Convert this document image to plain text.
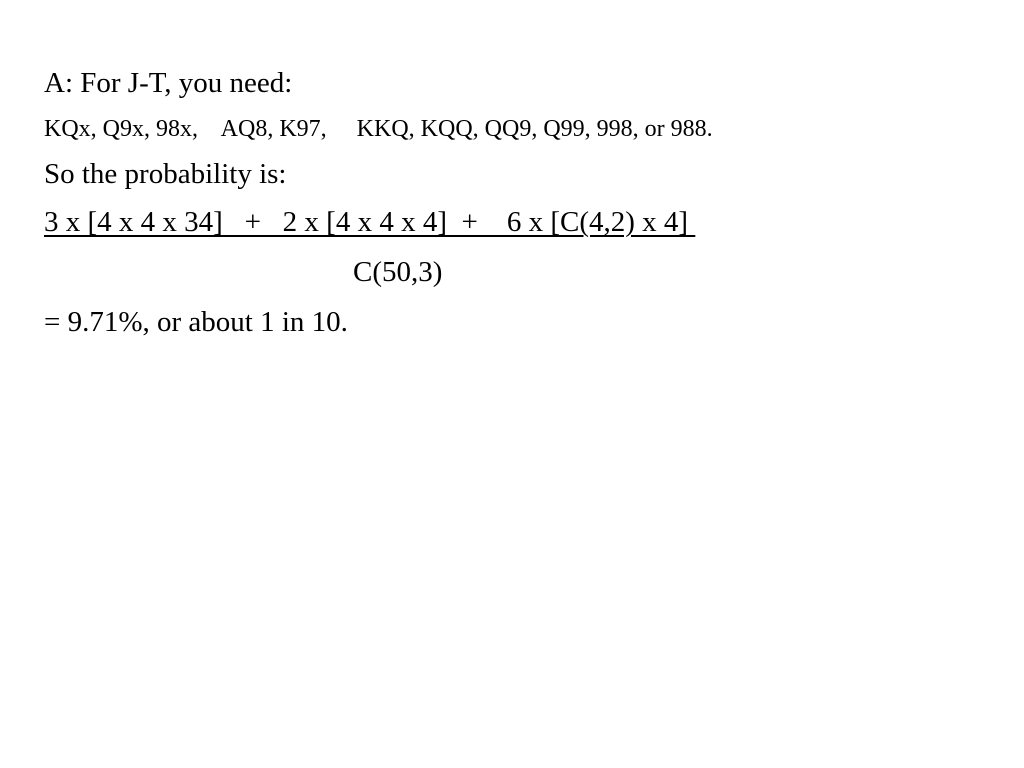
A: For J-T, you need:
KQx, Q9x, 98x,    AQ8, K97,     KKQ, KQQ, QQ9, Q99, 998, or 988.
So the probability is:
3 x [4 x 4 x 34]   +   2 x [4 x 4 x 4]  +    6 x [C(4,2) x 4]
C(50,3)
= 9.71%, or about 1 in 10.
